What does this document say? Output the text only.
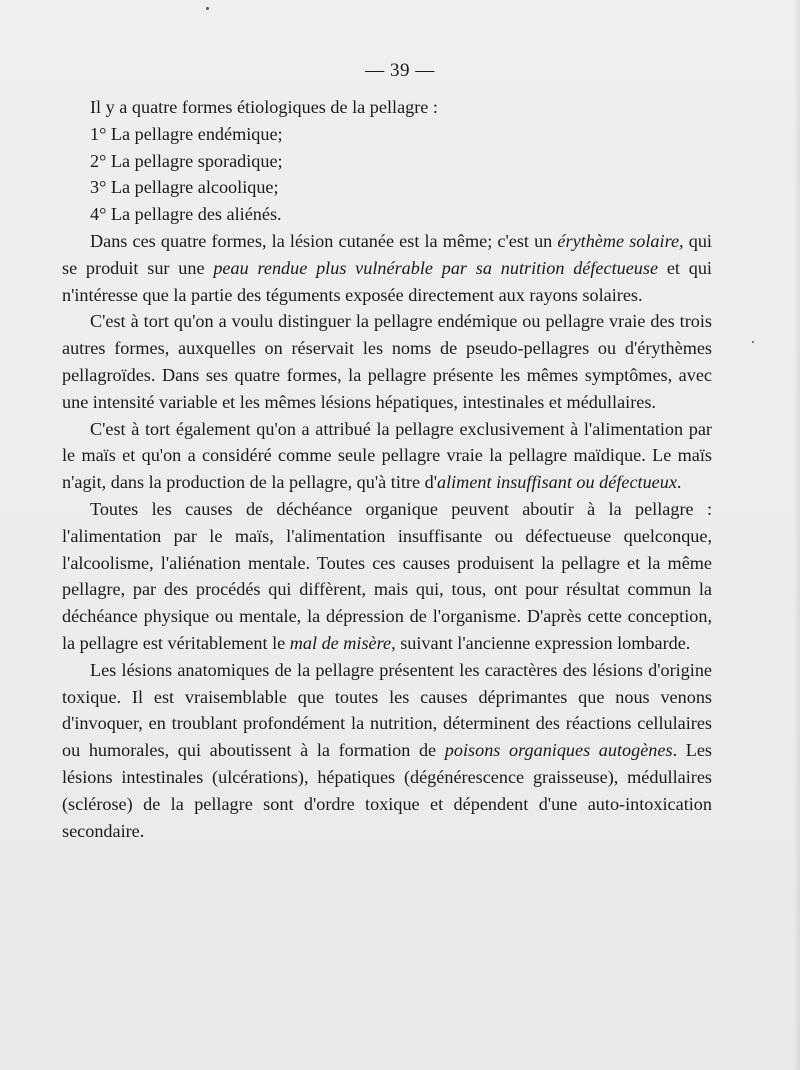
— 39 —

Il y a quatre formes étiologiques de la pellagre :

1° La pellagre endémique;

2° La pellagre sporadique;

3° La pellagre alcoolique;

4° La pellagre des aliénés.

Dans ces quatre formes, la lésion cutanée est la même; c'est un érythème solaire, qui se produit sur une peau rendue plus vulnérable par sa nutrition défectueuse et qui n'intéresse que la partie des téguments exposée directement aux rayons solaires.

C'est à tort qu'on a voulu distinguer la pellagre endémique ou pellagre vraie des trois autres formes, auxquelles on réservait les noms de pseudo-pellagres ou d'érythèmes pellagroïdes. Dans ses quatre formes, la pellagre présente les mêmes symptômes, avec une intensité variable et les mêmes lésions hépatiques, intestinales et médullaires.

C'est à tort également qu'on a attribué la pellagre exclusivement à l'alimentation par le maïs et qu'on a considéré comme seule pellagre vraie la pellagre maïdique. Le maïs n'agit, dans la production de la pellagre, qu'à titre d'aliment insuffisant ou défectueux.

Toutes les causes de déchéance organique peuvent aboutir à la pellagre : l'alimentation par le maïs, l'alimentation insuffisante ou défectueuse quelconque, l'alcoolisme, l'aliénation mentale. Toutes ces causes produisent la pellagre et la même pellagre, par des procédés qui diffèrent, mais qui, tous, ont pour résultat commun la déchéance physique ou mentale, la dépression de l'organisme. D'après cette conception, la pellagre est véritablement le mal de misère, suivant l'ancienne expression lombarde.

Les lésions anatomiques de la pellagre présentent les caractères des lésions d'origine toxique. Il est vraisemblable que toutes les causes déprimantes que nous venons d'invoquer, en troublant profondément la nutrition, déterminent des réactions cellulaires ou humorales, qui aboutissent à la formation de poisons organiques autogènes. Les lésions intestinales (ulcérations), hépatiques (dégénérescence graisseuse), médullaires (sclérose) de la pellagre sont d'ordre toxique et dépendent d'une auto-intoxication secondaire.
